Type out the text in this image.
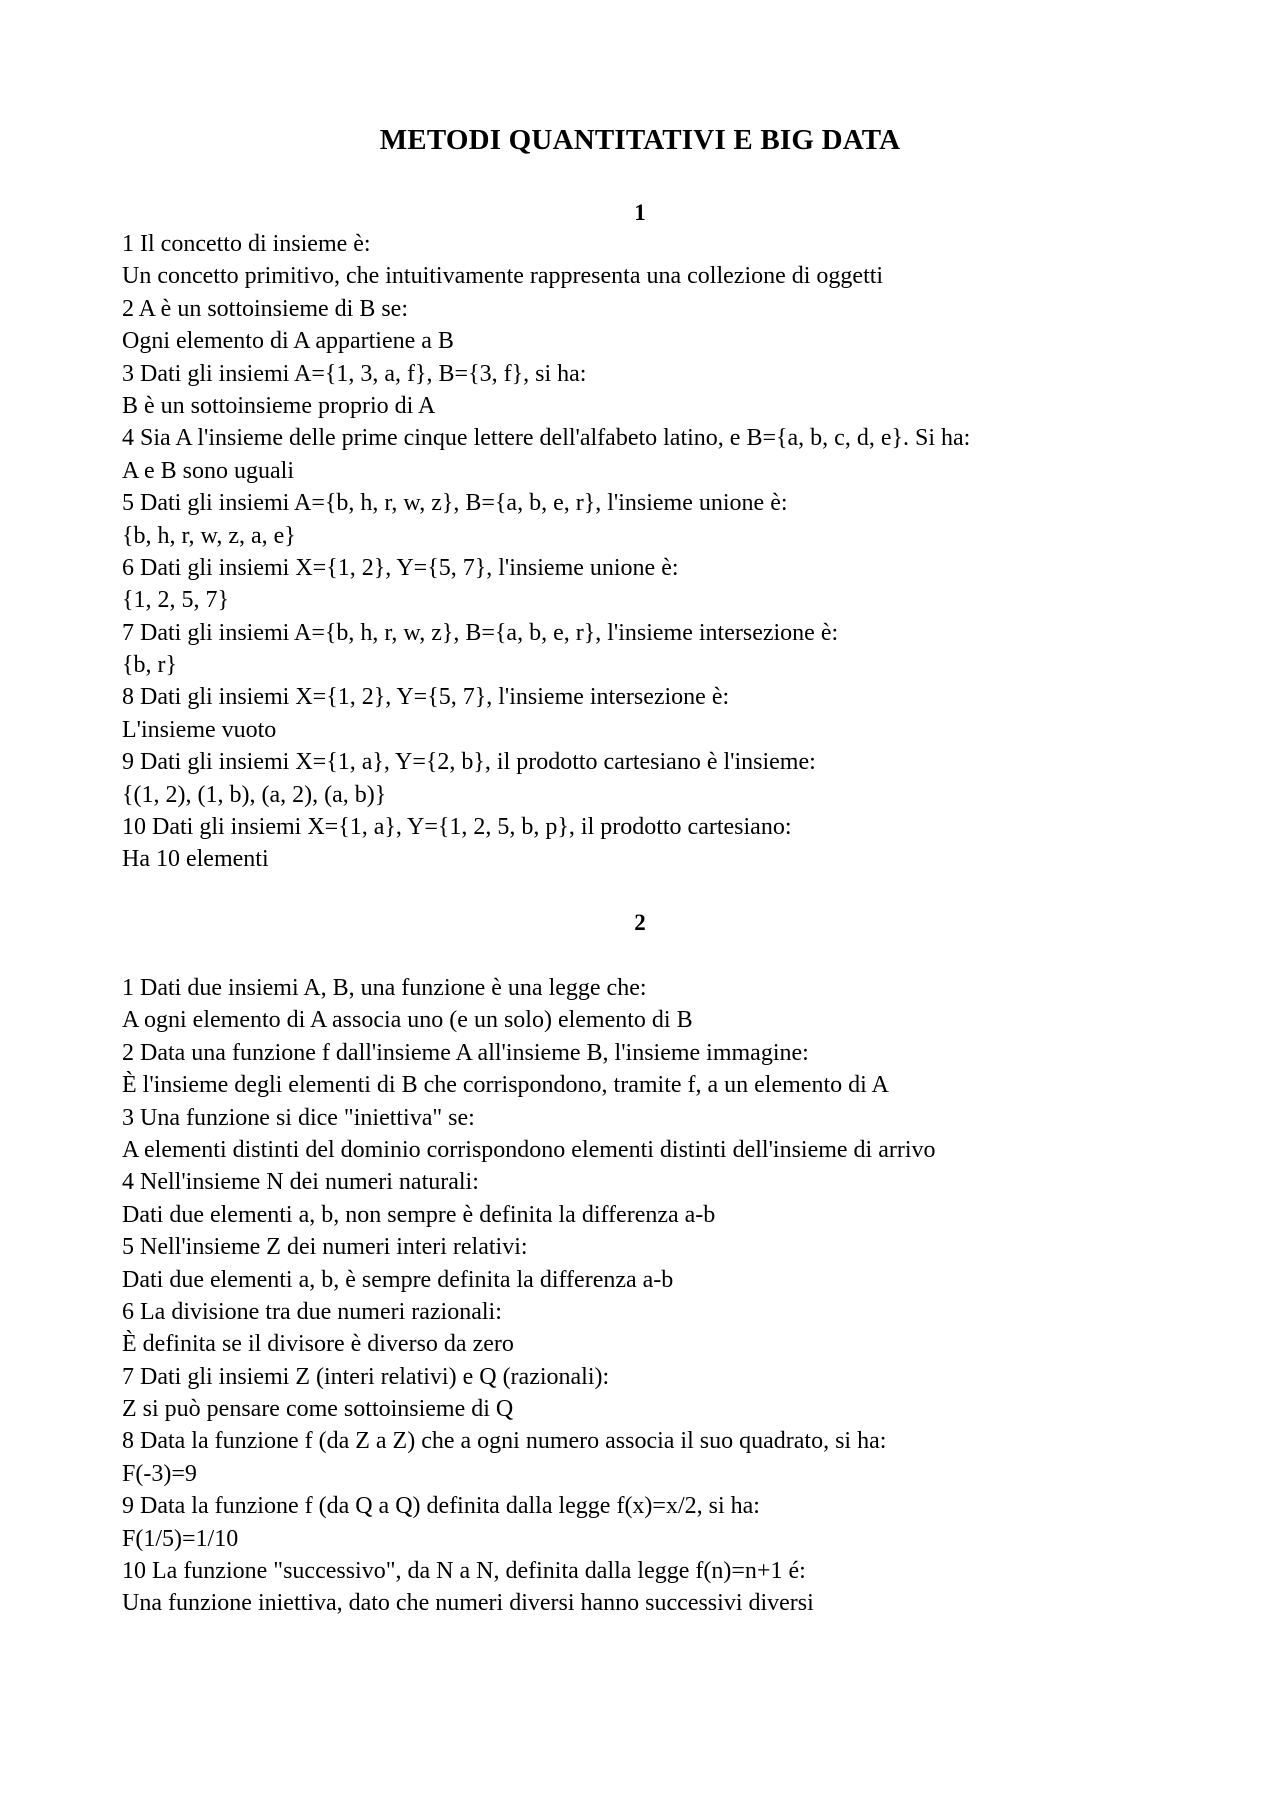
METODI QUANTITATIVI E BIG DATA
1
1 Il concetto di insieme è:
Un concetto primitivo, che intuitivamente rappresenta una collezione di oggetti
2 A è un sottoinsieme di B se:
Ogni elemento di A appartiene a B
3 Dati gli insiemi A={1, 3, a, f}, B={3, f}, si ha:
B è un sottoinsieme proprio di A
4 Sia A l'insieme delle prime cinque lettere dell'alfabeto latino, e B={a, b, c, d, e}. Si ha:
A e B sono uguali
5 Dati gli insiemi A={b, h, r, w, z}, B={a, b, e, r}, l'insieme unione è:
{b, h, r, w, z, a, e}
6 Dati gli insiemi X={1, 2}, Y={5, 7}, l'insieme unione è:
{1, 2, 5, 7}
7 Dati gli insiemi A={b, h, r, w, z}, B={a, b, e, r}, l'insieme intersezione è:
{b, r}
8 Dati gli insiemi X={1, 2}, Y={5, 7}, l'insieme intersezione è:
L'insieme vuoto
9 Dati gli insiemi X={1, a}, Y={2, b}, il prodotto cartesiano è l'insieme:
{(1, 2), (1, b), (a, 2), (a, b)}
10 Dati gli insiemi X={1, a}, Y={1, 2, 5, b, p}, il prodotto cartesiano:
Ha 10 elementi
2
1 Dati due insiemi A, B, una funzione è una legge che:
A ogni elemento di A associa uno (e un solo) elemento di B
2 Data una funzione f dall'insieme A all'insieme B, l'insieme immagine:
È l'insieme degli elementi di B che corrispondono, tramite f, a un elemento di A
3 Una funzione si dice "iniettiva" se:
A elementi distinti del dominio corrispondono elementi distinti dell'insieme di arrivo
4 Nell'insieme N dei numeri naturali:
Dati due elementi a, b, non sempre è definita la differenza a-b
5 Nell'insieme Z dei numeri interi relativi:
Dati due elementi a, b, è sempre definita la differenza a-b
6 La divisione tra due numeri razionali:
È definita se il divisore è diverso da zero
7 Dati gli insiemi Z (interi relativi) e Q (razionali):
Z si può pensare come sottoinsieme di Q
8 Data la funzione f (da Z a Z) che a ogni numero associa il suo quadrato, si ha:
F(-3)=9
9 Data la funzione f (da Q a Q) definita dalla legge f(x)=x/2, si ha:
F(1/5)=1/10
10 La funzione "successivo", da N a N, definita dalla legge f(n)=n+1 é:
Una funzione iniettiva, dato che numeri diversi hanno successivi diversi
